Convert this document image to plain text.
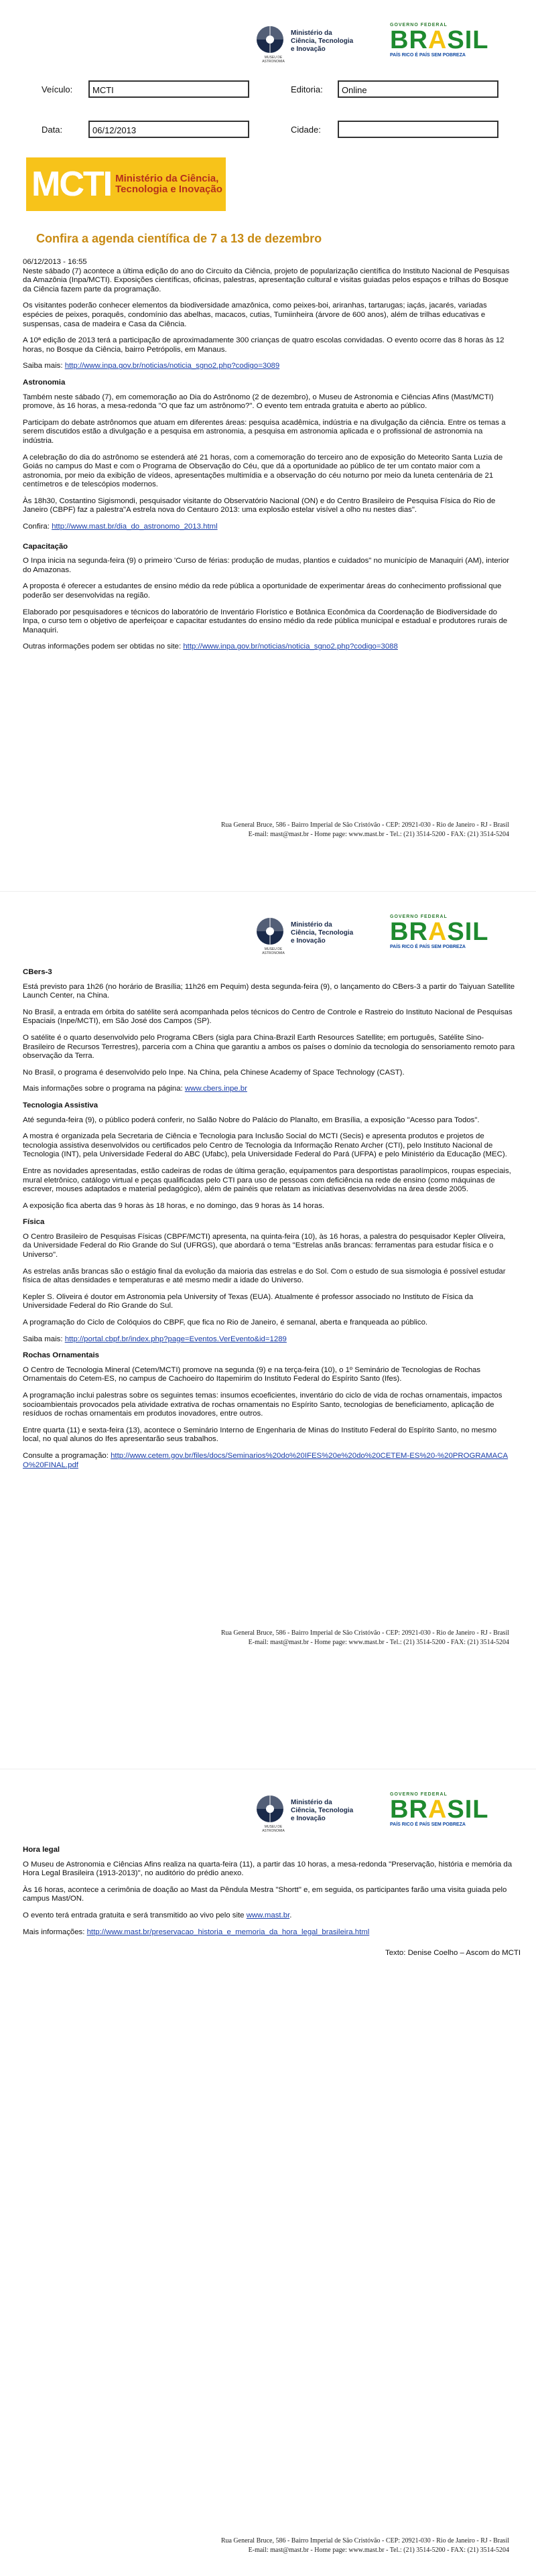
MUSEU DE ASTRONOMIA
Ministério da
Ciência, Tecnologia
e Inovação
GOVERNO FEDERAL
BRASIL
PAÍS RICO É PAÍS SEM POBREZA
Veículo:	MCTI	Editoria:	Online
Data:	06/12/2013	Cidade:
MCTI Ministério da Ciência,
Tecnologia e Inovação
Confira a agenda científica de 7 a 13 de dezembro

06/12/2013 - 16:55
Neste sábado (7) acontece a última edição do ano do Circuito da Ciência, projeto de popularização científica do Instituto Nacional de Pesquisas da Amazônia (Inpa/MCTI). Exposições científicas, oficinas, palestras, apresentação cultural e visitas guiadas pelos espaços e trilhas do Bosque da Ciência fazem parte da programação.

Os visitantes poderão conhecer elementos da biodiversidade amazônica, como peixes-boi, ariranhas, tartarugas; iaçás, jacarés, variadas espécies de peixes, poraquês, condomínio das abelhas, macacos, cutias, Tumiinheira (árvore de 600 anos), além de trilhas educativas e suspensas, casa de madeira e Casa da Ciência.

A 10ª edição de 2013 terá a participação de aproximadamente 300 crianças de quatro escolas convidadas. O evento ocorre das 8 horas às 12 horas, no Bosque da Ciência, bairro Petrópolis, em Manaus.

Saiba mais: http://www.inpa.gov.br/noticias/noticia_sgno2.php?codigo=3089

Astronomia

Também neste sábado (7), em comemoração ao Dia do Astrônomo (2 de dezembro), o Museu de Astronomia e Ciências Afins (Mast/MCTI) promove, às 16 horas, a mesa-redonda "O que faz um astrônomo?". O evento tem entrada gratuita e aberto ao público.

Participam do debate astrônomos que atuam em diferentes áreas: pesquisa acadêmica, indústria e na divulgação da ciência. Entre os temas a serem discutidos estão a divulgação e a pesquisa em astronomia, a pesquisa em astronomia aplicada e o profissional de astronomia na indústria.

A celebração do dia do astrônomo se estenderá até 21 horas, com a comemoração do terceiro ano de exposição do Meteorito Santa Luzia de Goiás no campus do Mast e com o Programa de Observação do Céu, que dá a oportunidade ao público de ter um contato maior com a astronomia, por meio da exibição de vídeos, apresentações multimídia e a observação do céu noturno por meio da luneta centenária de 21 centímetros e de telescópios modernos.

Às 18h30, Costantino Sigismondi, pesquisador visitante do Observatório Nacional (ON) e do Centro Brasileiro de Pesquisa Física do Rio de Janeiro (CBPF) faz a palestra"A estrela nova do Centauro 2013: uma explosão estelar visível a olho nu nestes dias".

Confira: http://www.mast.br/dia_do_astronomo_2013.html

Capacitação

O Inpa inicia na segunda-feira (9) o primeiro 'Curso de férias: produção de mudas, plantios e cuidados" no município de Manaquiri (AM), interior do Amazonas.

A proposta é oferecer a estudantes de ensino médio da rede pública a oportunidade de experimentar áreas do conhecimento profissional que poderão ser desenvolvidas na região.

Elaborado por pesquisadores e técnicos do laboratório de Inventário Florístico e Botânica Econômica da Coordenação de Biodiversidade do Inpa, o curso tem o objetivo de aperfeiçoar e capacitar estudantes do ensino médio da rede pública municipal e estadual e produtores rurais de Manaquiri.

Outras informações podem ser obtidas no site: http://www.inpa.gov.br/noticias/noticia_sgno2.php?codigo=3088

Rua General Bruce, 586 - Bairro Imperial de São Cristóvão - CEP: 20921-030 - Rio de Janeiro - RJ - Brasil
E-mail: mast@mast.br - Home page: www.mast.br - Tel.: (21) 3514-5200 - FAX: (21) 3514-5204
MUSEU DE ASTRONOMIA
Ministério da
Ciência, Tecnologia
e Inovação
GOVERNO FEDERAL
BRASIL
PAÍS RICO É PAÍS SEM POBREZA
CBers-3

Está previsto para 1h26 (no horário de Brasília; 11h26 em Pequim) desta segunda-feira (9), o lançamento do CBers-3 a partir do Taiyuan Satellite Launch Center, na China.

No Brasil, a entrada em órbita do satélite será acompanhada pelos técnicos do Centro de Controle e Rastreio do Instituto Nacional de Pesquisas Espaciais (Inpe/MCTI), em São José dos Campos (SP).

O satélite é o quarto desenvolvido pelo Programa CBers (sigla para China-Brazil Earth Resources Satellite; em português, Satélite Sino-Brasileiro de Recursos Terrestres), parceria com a China que garantiu a ambos os países o domínio da tecnologia do sensoriamento remoto para observação da Terra.

No Brasil, o programa é desenvolvido pelo Inpe. Na China, pela Chinese Academy of Space Technology (CAST).

Mais informações sobre o programa na página: www.cbers.inpe.br

Tecnologia Assistiva

Até segunda-feira (9), o público poderá conferir, no Salão Nobre do Palácio do Planalto, em Brasília, a exposição "Acesso para Todos".

A mostra é organizada pela Secretaria de Ciência e Tecnologia para Inclusão Social do MCTI (Secis) e apresenta produtos e projetos de tecnologia assistiva desenvolvidos ou certificados pelo Centro de Tecnologia da Informação Renato Archer (CTI), pelo Instituto Nacional de Tecnologia (INT), pela Universidade Federal do ABC (Ufabc), pela Universidade Federal do Pará (UFPA) e pelo Ministério da Educação (MEC).

Entre as novidades apresentadas, estão cadeiras de rodas de última geração, equipamentos para desportistas paraolímpicos, roupas especiais, mural eletrônico, catálogo virtual e peças qualificadas pelo CTI para uso de pessoas com deficiência na rede de ensino (como máquinas de escrever, mouses adaptados e material pedagógico), além de painéis que relatam as iniciativas desenvolvidas na área desde 2005.

A exposição fica aberta das 9 horas às 18 horas, e no domingo, das 9 horas às 14 horas.

Física

O Centro Brasileiro de Pesquisas Físicas (CBPF/MCTI) apresenta, na quinta-feira (10), às 16 horas, a palestra do pesquisador Kepler Oliveira, da Universidade Federal do Rio Grande do Sul (UFRGS), que abordará o tema "Estrelas anãs brancas: ferramentas para estudar física e o Universo".

As estrelas anãs brancas são o estágio final da evolução da maioria das estrelas e do Sol. Com o estudo de sua sismologia é possível estudar física de altas densidades e temperaturas e até mesmo medir a idade do Universo.

Kepler S. Oliveira é doutor em Astronomia pela University of Texas (EUA). Atualmente é professor associado no Instituto de Física da Universidade Federal do Rio Grande do Sul.

A programação do Ciclo de Colóquios do CBPF, que fica no Rio de Janeiro, é semanal, aberta e franqueada ao público.

Saiba mais: http://portal.cbpf.br/index.php?page=Eventos.VerEvento&id=1289

Rochas Ornamentais

O Centro de Tecnologia Mineral (Cetem/MCTI) promove na segunda (9) e na terça-feira (10), o 1º Seminário de Tecnologias de Rochas Ornamentais do Cetem-ES, no campus de Cachoeiro do Itapemirim do Instituto Federal do Espírito Santo (Ifes).

A programação inclui palestras sobre os seguintes temas: insumos ecoeficientes, inventário do ciclo de vida de rochas ornamentais, impactos socioambientais provocados pela atividade extrativa de rochas ornamentais no Espírito Santo, tecnologias de beneficiamento, aplicação de resíduos de rochas ornamentais em produtos inovadores, entre outros.

Entre quarta (11) e sexta-feira (13), acontece o Seminário Interno de Engenharia de Minas do Instituto Federal do Espírito Santo, no mesmo local, no qual alunos do Ifes apresentarão seus trabalhos.

Consulte a programação: http://www.cetem.gov.br/files/docs/Seminarios%20do%20IFES%20e%20do%20CETEM-ES%20-%20PROGRAMACAO%20FINAL.pdf

Rua General Bruce, 586 - Bairro Imperial de São Cristóvão - CEP: 20921-030 - Rio de Janeiro - RJ - Brasil
E-mail: mast@mast.br - Home page: www.mast.br - Tel.: (21) 3514-5200 - FAX: (21) 3514-5204
MUSEU DE ASTRONOMIA
Ministério da
Ciência, Tecnologia
e Inovação
GOVERNO FEDERAL
BRASIL
PAÍS RICO É PAÍS SEM POBREZA
Hora legal

O Museu de Astronomia e Ciências Afins realiza na quarta-feira (11), a partir das 10 horas, a mesa-redonda "Preservação, história e memória da Hora Legal Brasileira (1913-2013)", no auditório do prédio anexo.

Às 16 horas, acontece a cerimônia de doação ao Mast da Pêndula Mestra "Shortt" e, em seguida, os participantes farão uma visita guiada pelo campus Mast/ON.

O evento terá entrada gratuita e será transmitido ao vivo pelo site www.mast.br.

Mais informações: http://www.mast.br/preservacao_historia_e_memoria_da_hora_legal_brasileira.html

Texto: Denise Coelho – Ascom do MCTI

Rua General Bruce, 586 - Bairro Imperial de São Cristóvão - CEP: 20921-030 - Rio de Janeiro - RJ - Brasil
E-mail: mast@mast.br - Home page: www.mast.br - Tel.: (21) 3514-5200 - FAX: (21) 3514-5204
